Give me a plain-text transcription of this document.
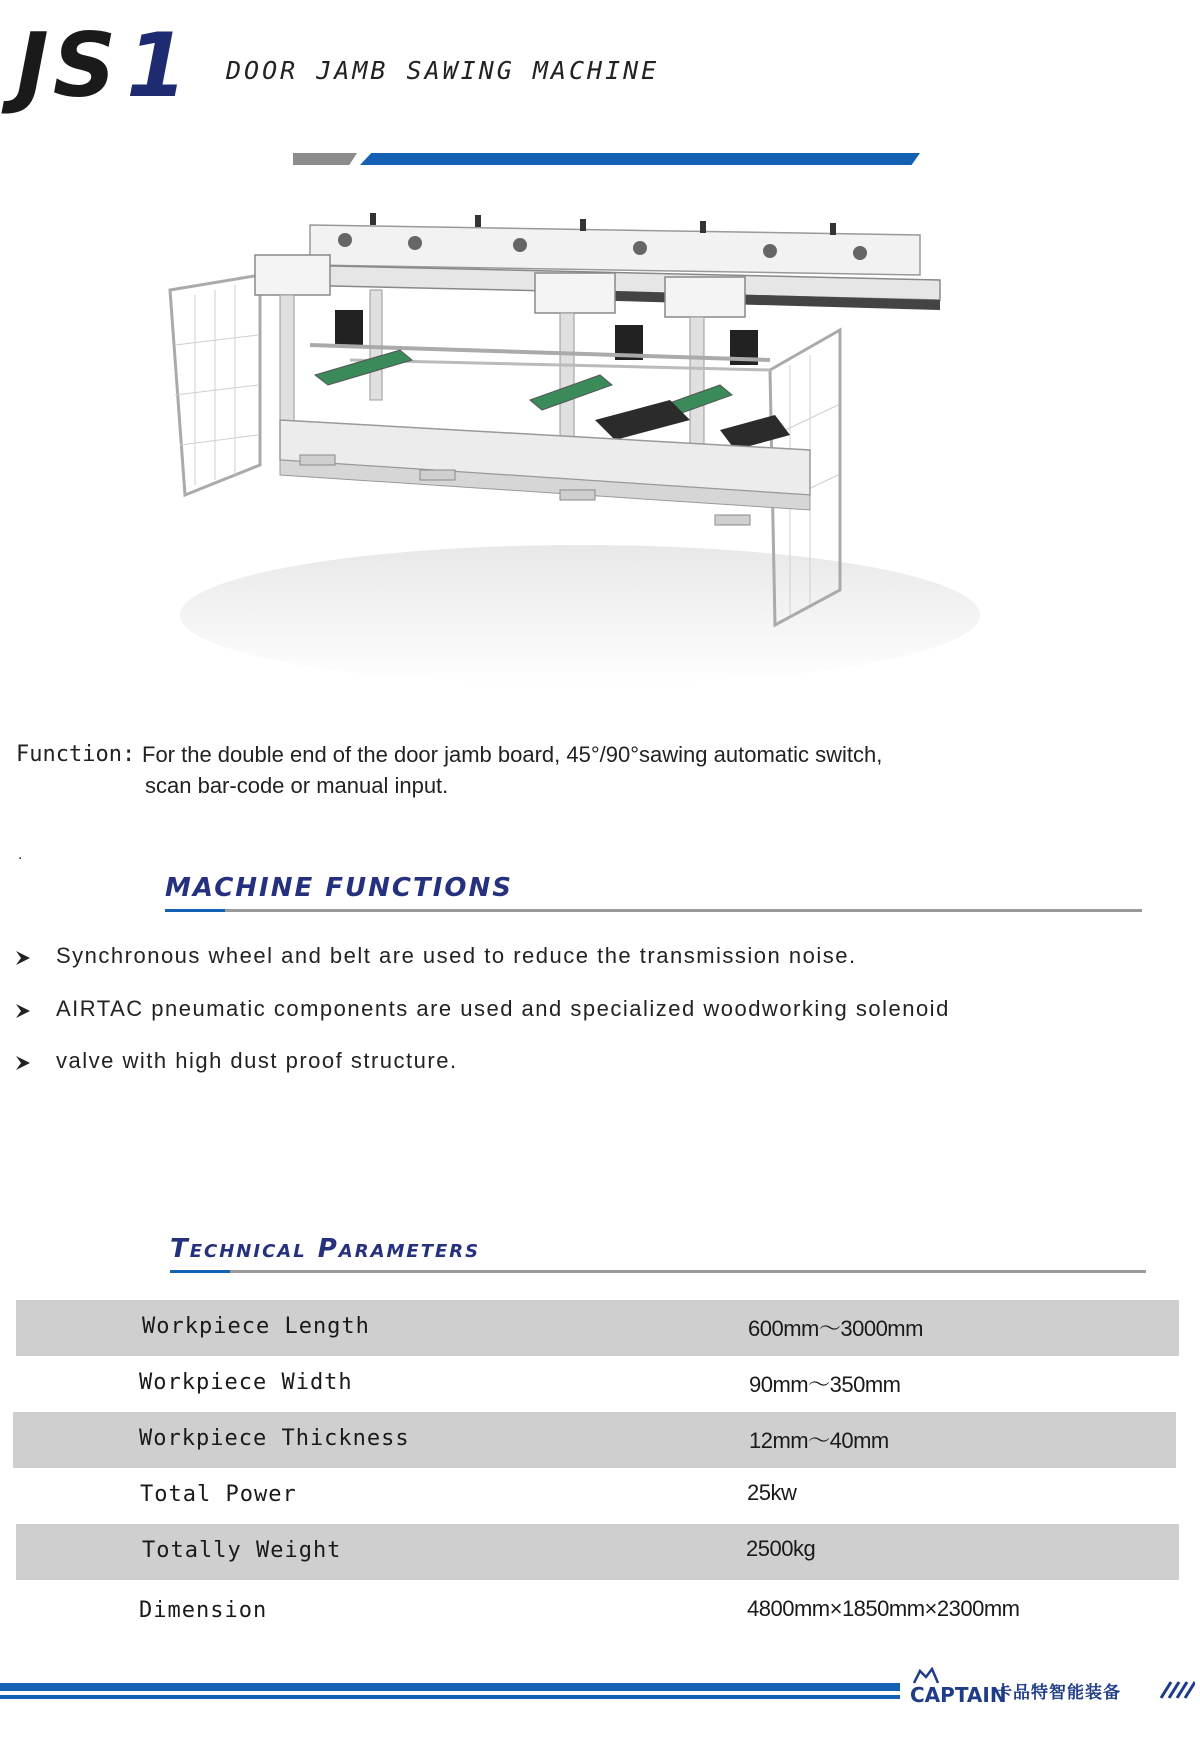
JS1 DOOR JAMB SAWING MACHINE
Function: For the double end of the door jamb board, 45°/90°sawing automatic switch,
scan bar-code or manual input.
.
MACHINE FUNCTIONS
Synchronous wheel and belt are used to reduce the transmission noise.
AIRTAC pneumatic components are used and specialized woodworking solenoid
valve with high dust proof structure.
Technical Parameters
Workpiece Length	600mm～3000mm
Workpiece Width	90mm～350mm
Workpiece Thickness	12mm～40mm
Total Power	25kw
Totally Weight	2500kg
Dimension	4800mm×1850mm×2300mm
CAPTAIN
卡品特智能装备
